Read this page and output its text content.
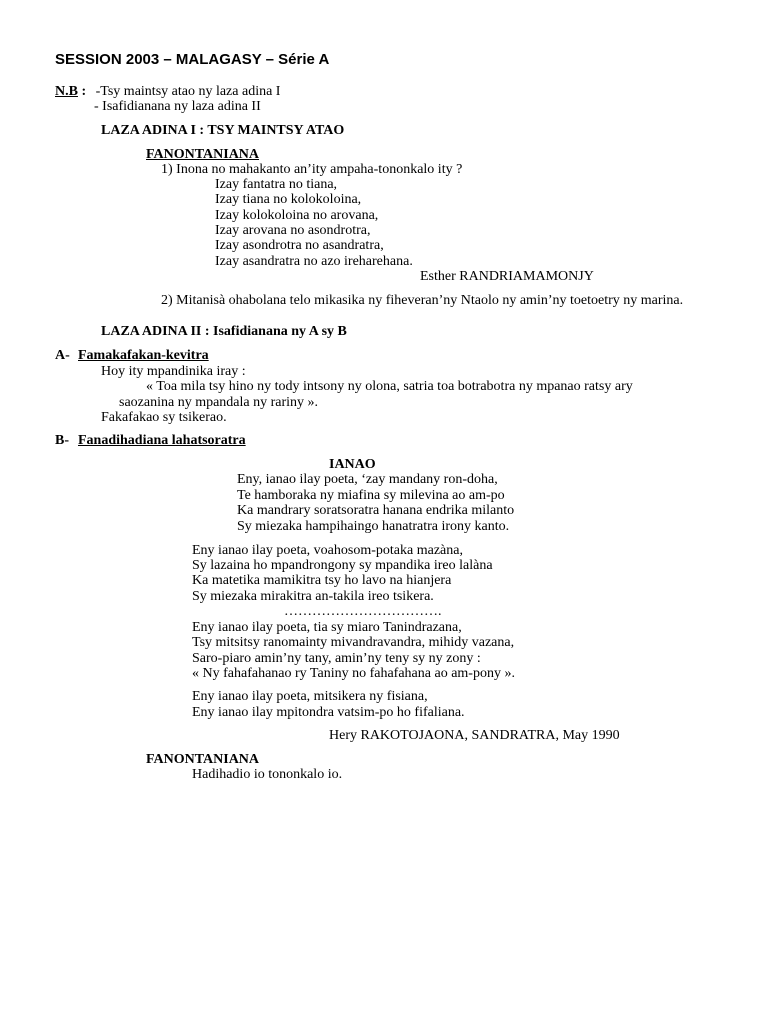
SESSION 2003 – MALAGASY – Série A
N.B : -Tsy maintsy atao ny laza adina I
- Isafidianana ny laza adina II
LAZA ADINA I : TSY MAINTSY ATAO
FANONTANIANA
1) Inona no mahakanto an’ity ampaha-tononkalo ity ?
Izay fantatra no tiana,
Izay tiana no kolokoloina,
Izay kolokoloina no arovana,
Izay arovana no asondrotra,
Izay asondrotra no asandratra,
Izay asandratra no azo ireharehana.
Esther RANDRIAMAMONJY
2) Mitanisà ohabolana telo mikasika ny fiheveran’ny Ntaolo ny amin’ny toetoetry ny marina.
LAZA ADINA II : Isafidianana ny A sy B
A- Famakafakan-kevitra
Hoy ity mpandinika iray :
« Toa mila tsy hino ny tody intsony ny olona, satria toa botrabotra ny mpanao ratsy ary
saozanina ny mpandala ny rariny ».
Fakafakao sy tsikerao.
B- Fanadihadiana lahatsoratra
IANAO
Eny, ianao ilay poeta, ‘zay mandany ron-doha,
Te hamboraka ny miafina sy milevina ao am-po
Ka mandrary soratsoratra hanana endrika milanto
Sy miezaka hampihaingo hanatratra irony kanto.
Eny ianao ilay poeta, voahosom-potaka mazàna,
Sy lazaina ho mpandrongony sy mpandika ireo lalàna
Ka matetika mamikitra tsy ho lavo na hianjera
Sy miezaka mirakitra an-takila ireo tsikera.
…………………………….
Eny ianao ilay poeta, tia sy miaro Tanindrazana,
Tsy mitsitsy ranomainty mivandravandra, mihidy vazana,
Saro-piaro amin’ny tany, amin’ny teny sy ny zony :
« Ny fahafahanao ry Taniny no fahafahana ao am-pony ».
Eny ianao ilay poeta, mitsikera ny fisiana,
Eny ianao ilay mpitondra vatsim-po ho fifaliana.
Hery RAKOTOJAONA, SANDRATRA, May 1990
FANONTANIANA
Hadihadio io tononkalo io.
